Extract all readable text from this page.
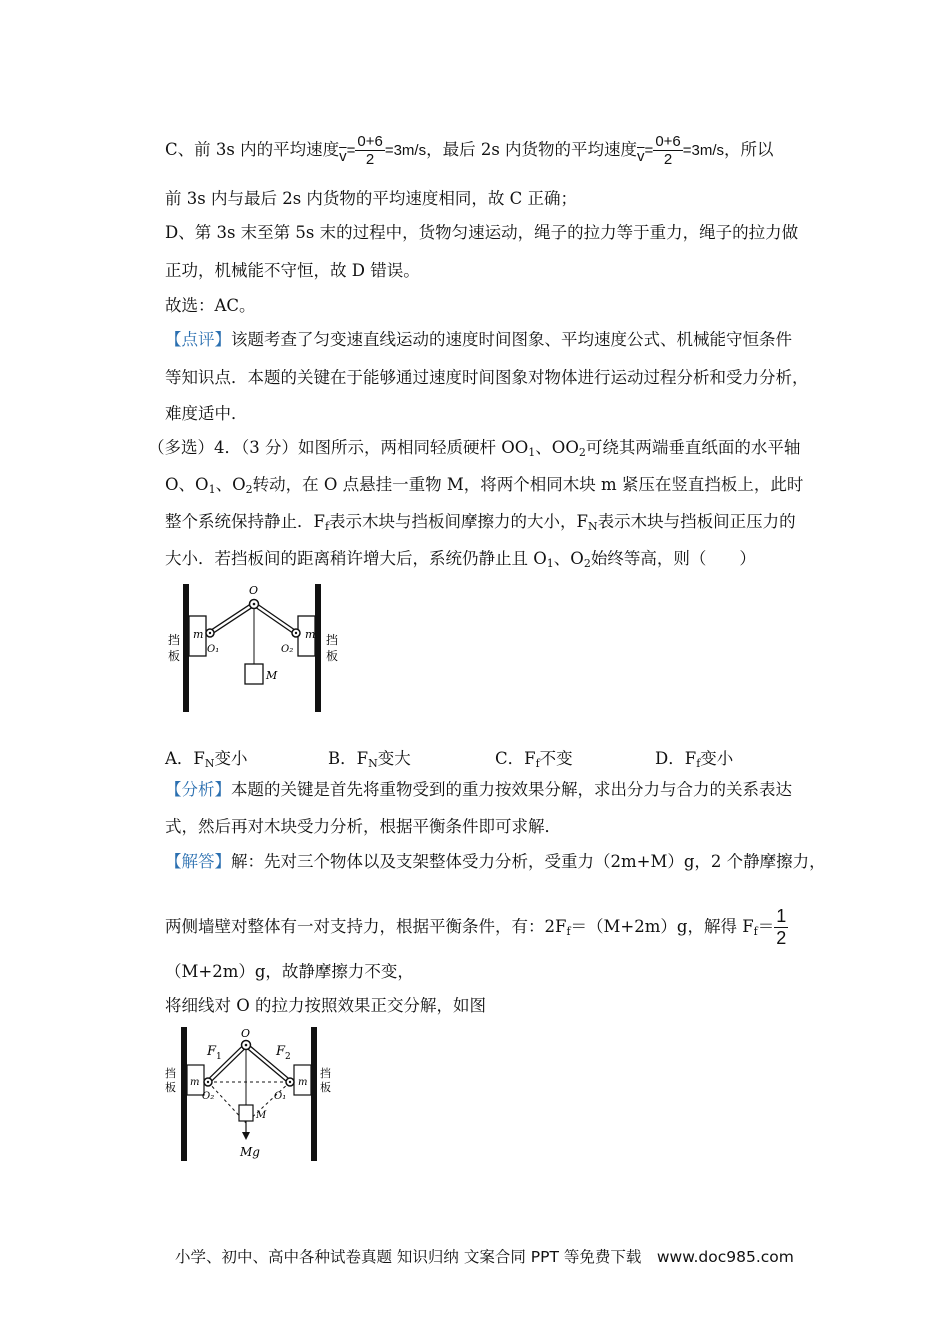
C、前 3s 内的平均速度$\overline{v}= \frac{0+6}{2} =3m/s$，最后 2s 内货物的平均速度$\overline{v}= \frac{0+6}{2} =3m/s$，所以
前 3s 内与最后 2s 内货物的平均速度相同，故 C 正确；
D、第 3s 末至第 5s 末的过程中，货物匀速运动，绳子的拉力等于重力，绳子的拉力做
正功，机械能不守恒，故 D 错误。
故选：AC。
【点评】该题考查了匀变速直线运动的速度时间图象、平均速度公式、机械能守恒条件
等知识点．本题的关键在于能够通过速度时间图象对物体进行运动过程分析和受力分析，
难度适中．
（多选）4．（3 分）如图所示，两相同轻质硬杆 $OO_1$、$OO_2$可绕其两端垂直纸面的水平轴
O、$O_1$、$O_2$转动，在 O 点悬挂一重物 M，将两个相同木块 m 紧压在竖直挡板上，此时
整个系统保持静止．$F_f$表示木块与挡板间摩擦力的大小，$F_N$表示木块与挡板间正压力的
大小．若挡板间的距离稍许增大后，系统仍静止且 $O_1$、$O_2$始终等高，则（　　）
挡
板
挡
板
O
m	m
O₁	O₂
M
A．$F_N$变小	B．$F_N$变大	C．$F_f$不变	D．$F_f$变小
【分析】本题的关键是首先将重物受到的重力按效果分解，求出分力与合力的关系表达
式，然后再对木块受力分析，根据平衡条件即可求解．
【解答】解：先对三个物体以及支架整体受力分析，受重力（2m+M）g，2 个静摩擦力，
两侧墙壁对整体有一对支持力，根据平衡条件，有：$2F_f=(M+2m)g$，解得 $F_f= \frac{1}{2}$
（M+2m）g，故静摩擦力不变，
将细线对 O 的拉力按照效果正交分解，如图
挡
板
挡
板
O
F 1	F 2
m	m
O₂	O₁
M
Mg
小学、初中、高中各种试卷真题 知识归纳 文案合同 PPT 等免费下载　www.doc985.com
